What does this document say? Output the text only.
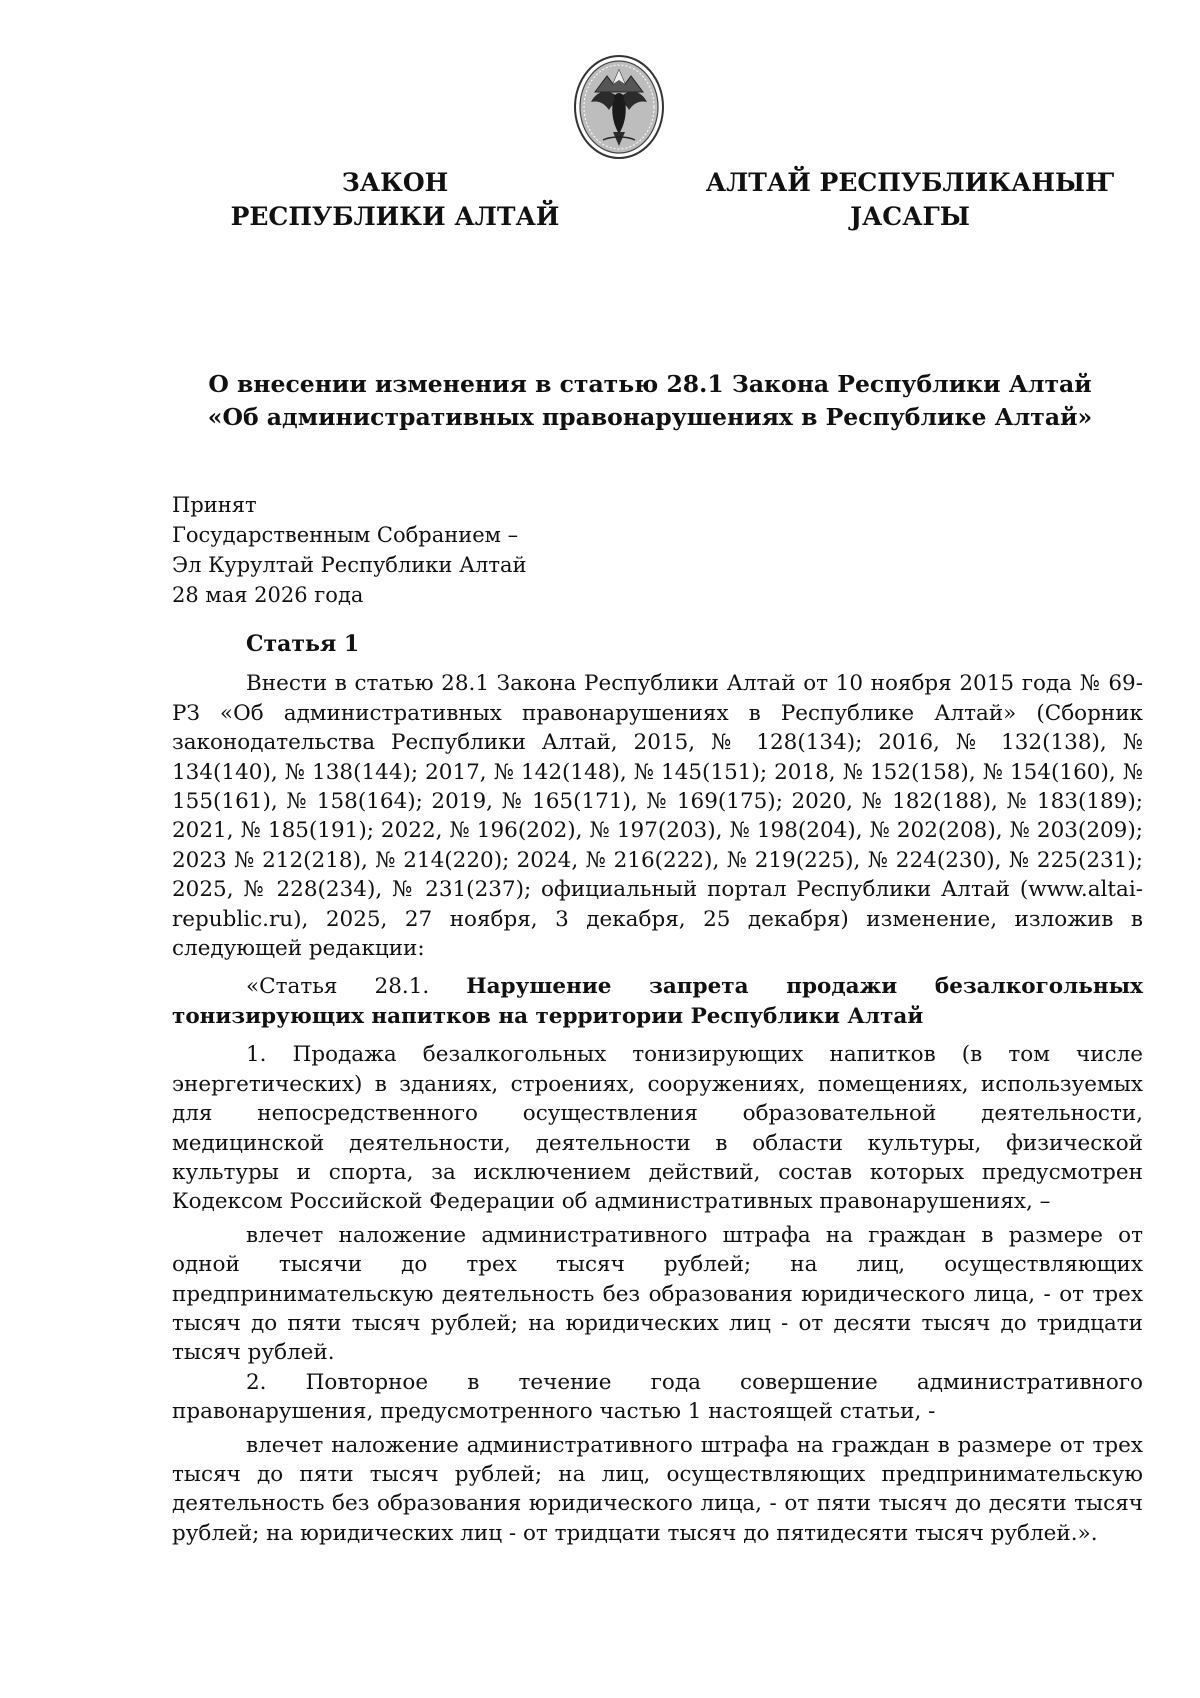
ЗАКОН
РЕСПУБЛИКИ АЛТАЙ
АЛТАЙ РЕСПУБЛИКАНЫҤ
ЈАСАГЫ
О внесении изменения в статью 28.1 Закона Республики Алтай
«Об административных правонарушениях в Республике Алтай»
Принят
Государственным Собранием –
Эл Курултай Республики Алтай
28 мая 2026 года
Статья 1

Внести в статью 28.1 Закона Республики Алтай от 10 ноября 2015 года № 69-РЗ «Об административных правонарушениях в Республике Алтай» (Сборник законодательства Республики Алтай, 2015, № 128(134); 2016, № 132(138), № 134(140), № 138(144); 2017, № 142(148), № 145(151); 2018, № 152(158), № 154(160), № 155(161), № 158(164); 2019, № 165(171), № 169(175); 2020, № 182(188), № 183(189); 2021, № 185(191); 2022, № 196(202), № 197(203), № 198(204), № 202(208), № 203(209); 2023 № 212(218), № 214(220); 2024, № 216(222), № 219(225), № 224(230), № 225(231); 2025, № 228(234), № 231(237); официальный портал Республики Алтай (www.altai-republic.ru), 2025, 27 ноября, 3 декабря, 25 декабря) изменение, изложив в следующей редакции:

«Статья 28.1. Нарушение запрета продажи безалкогольных тонизирующих напитков на территории Республики Алтай

1. Продажа безалкогольных тонизирующих напитков (в том числе энергетических) в зданиях, строениях, сооружениях, помещениях, используемых для непосредственного осуществления образовательной деятельности, медицинской деятельности, деятельности в области культуры, физической культуры и спорта, за исключением действий, состав которых предусмотрен Кодексом Российской Федерации об административных правонарушениях, –

влечет наложение административного штрафа на граждан в размере от одной тысячи до трех тысяч рублей; на лиц, осуществляющих предпринимательскую деятельность без образования юридического лица, - от трех тысяч до пяти тысяч рублей; на юридических лиц - от десяти тысяч до тридцати тысяч рублей.

2. Повторное в течение года совершение административного правонарушения, предусмотренного частью 1 настоящей статьи, -

влечет наложение административного штрафа на граждан в размере от трех тысяч до пяти тысяч рублей; на лиц, осуществляющих предпринимательскую деятельность без образования юридического лица, - от пяти тысяч до десяти тысяч рублей; на юридических лиц - от тридцати тысяч до пятидесяти тысяч рублей.».
